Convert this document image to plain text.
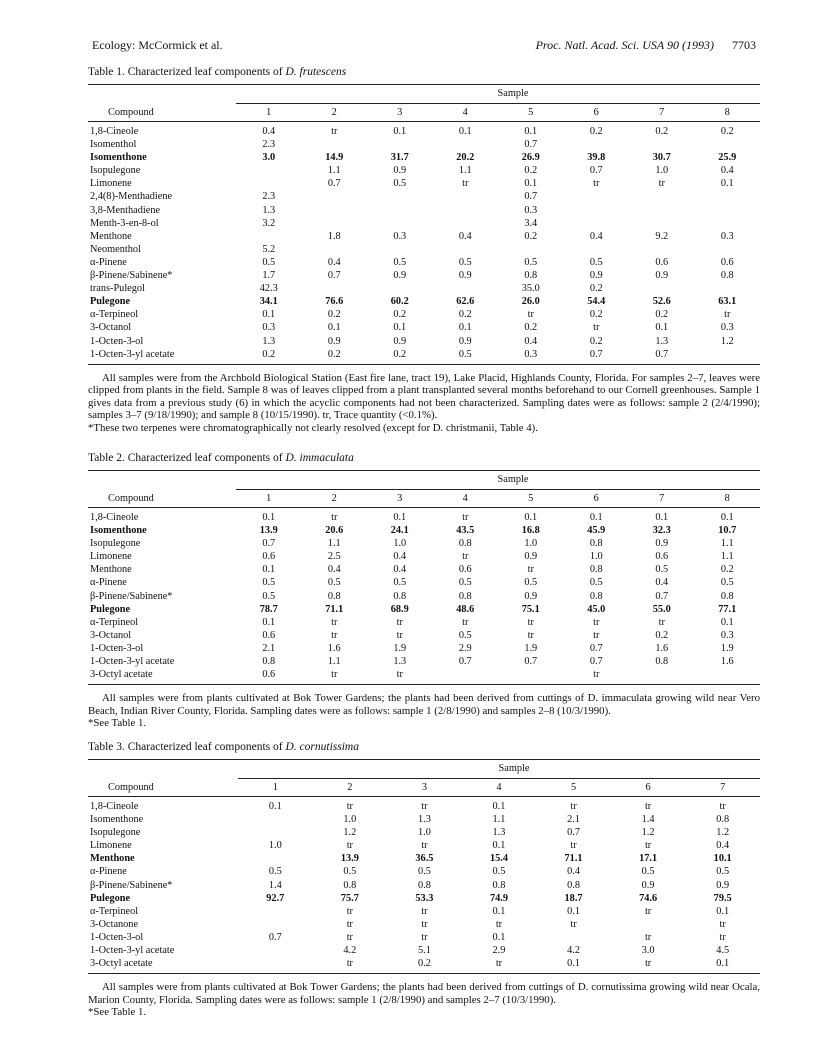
Ecology: McCormick et al.	Proc. Natl. Acad. Sci. USA 90 (1993) 7703
Table 1. Characterized leaf components of D. frutescens
	Sample							
Compound	1	2	3	4	5	6	7	8
1,8-Cineole	0.4	tr	0.1	0.1	0.1	0.2	0.2	0.2
Isomenthol	2.3				0.7			
Isomenthone	3.0	14.9	31.7	20.2	26.9	39.8	30.7	25.9
Isopulegone		1.1	0.9	1.1	0.2	0.7	1.0	0.4
Limonene		0.7	0.5	tr	0.1	tr	tr	0.1
2,4(8)-Menthadiene	2.3				0.7			
3,8-Menthadiene	1.3				0.3			
Menth-3-en-8-ol	3.2				3.4			
Menthone		1.8	0.3	0.4	0.2	0.4	9.2	0.3
Neomenthol	5.2							
α-Pinene	0.5	0.4	0.5	0.5	0.5	0.5	0.6	0.6
β-Pinene/Sabinene*	1.7	0.7	0.9	0.9	0.8	0.9	0.9	0.8
trans-Pulegol	42.3				35.0	0.2		
Pulegone	34.1	76.6	60.2	62.6	26.0	54.4	52.6	63.1
α-Terpineol	0.1	0.2	0.2	0.2	tr	0.2	0.2	tr
3-Octanol	0.3	0.1	0.1	0.1	0.2	tr	0.1	0.3
1-Octen-3-ol	1.3	0.9	0.9	0.9	0.4	0.2	1.3	1.2
1-Octen-3-yl acetate	0.2	0.2	0.2	0.5	0.3	0.7	0.7	

All samples were from the Archbold Biological Station (East fire lane, tract 19), Lake Placid, Highlands County, Florida. For samples 2–7, leaves were clipped from plants in the field. Sample 8 was of leaves clipped from a plant transplanted several months beforehand to our Cornell greenhouses. Sample 1 gives data from a previous study (6) in which the acyclic components had not been characterized. Sampling dates were as follows: sample 2 (2/4/1990); samples 3–7 (9/18/1990); and sample 8 (10/15/1990). tr, Trace quantity (<0.1%).

*These two terpenes were chromatographically not clearly resolved (except for D. christmanii, Table 4).

Table 2. Characterized leaf components of D. immaculata
	Sample							
Compound	1	2	3	4	5	6	7	8
1,8-Cineole	0.1	tr	0.1	tr	0.1	0.1	0.1	0.1
Isomenthone	13.9	20.6	24.1	43.5	16.8	45.9	32.3	10.7
Isopulegone	0.7	1.1	1.0	0.8	1.0	0.8	0.9	1.1
Limonene	0.6	2.5	0.4	tr	0.9	1.0	0.6	1.1
Menthone	0.1	0.4	0.4	0.6	tr	0.8	0.5	0.2
α-Pinene	0.5	0.5	0.5	0.5	0.5	0.5	0.4	0.5
β-Pinene/Sabinene*	0.5	0.8	0.8	0.8	0.9	0.8	0.7	0.8
Pulegone	78.7	71.1	68.9	48.6	75.1	45.0	55.0	77.1
α-Terpineol	0.1	tr	tr	tr	tr	tr	tr	0.1
3-Octanol	0.6	tr	tr	0.5	tr	tr	0.2	0.3
1-Octen-3-ol	2.1	1.6	1.9	2.9	1.9	0.7	1.6	1.9
1-Octen-3-yl acetate	0.8	1.1	1.3	0.7	0.7	0.7	0.8	1.6
3-Octyl acetate	0.6	tr	tr			tr		

All samples were from plants cultivated at Bok Tower Gardens; the plants had been derived from cuttings of D. immaculata growing wild near Vero Beach, Indian River County, Florida. Sampling dates were as follows: sample 1 (2/8/1990) and samples 2–8 (10/3/1990).

*See Table 1.

Table 3. Characterized leaf components of D. cornutissima
	Sample						
Compound	1	2	3	4	5	6	7
1,8-Cineole	0.1	tr	tr	0.1	tr	tr	tr
Isomenthone		1.0	1.3	1.1	2.1	1.4	0.8
Isopulegone		1.2	1.0	1.3	0.7	1.2	1.2
Limonene	1.0	tr	tr	0.1	tr	tr	0.4
Menthone		13.9	36.5	15.4	71.1	17.1	10.1
α-Pinene	0.5	0.5	0.5	0.5	0.4	0.5	0.5
β-Pinene/Sabinene*	1.4	0.8	0.8	0.8	0.8	0.9	0.9
Pulegone	92.7	75.7	53.3	74.9	18.7	74.6	79.5
α-Terpineol		tr	tr	0.1	0.1	tr	0.1
3-Octanone		tr	tr	tr	tr		tr
1-Octen-3-ol	0.7	tr	tr	0.1		tr	tr
1-Octen-3-yl acetate		4.2	5.1	2.9	4.2	3.0	4.5
3-Octyl acetate		tr	0.2	tr	0.1	tr	0.1

All samples were from plants cultivated at Bok Tower Gardens; the plants had been derived from cuttings of D. cornutissima growing wild near Ocala, Marion County, Florida. Sampling dates were as follows: sample 1 (2/8/1990) and samples 2–7 (10/3/1990).

*See Table 1.
